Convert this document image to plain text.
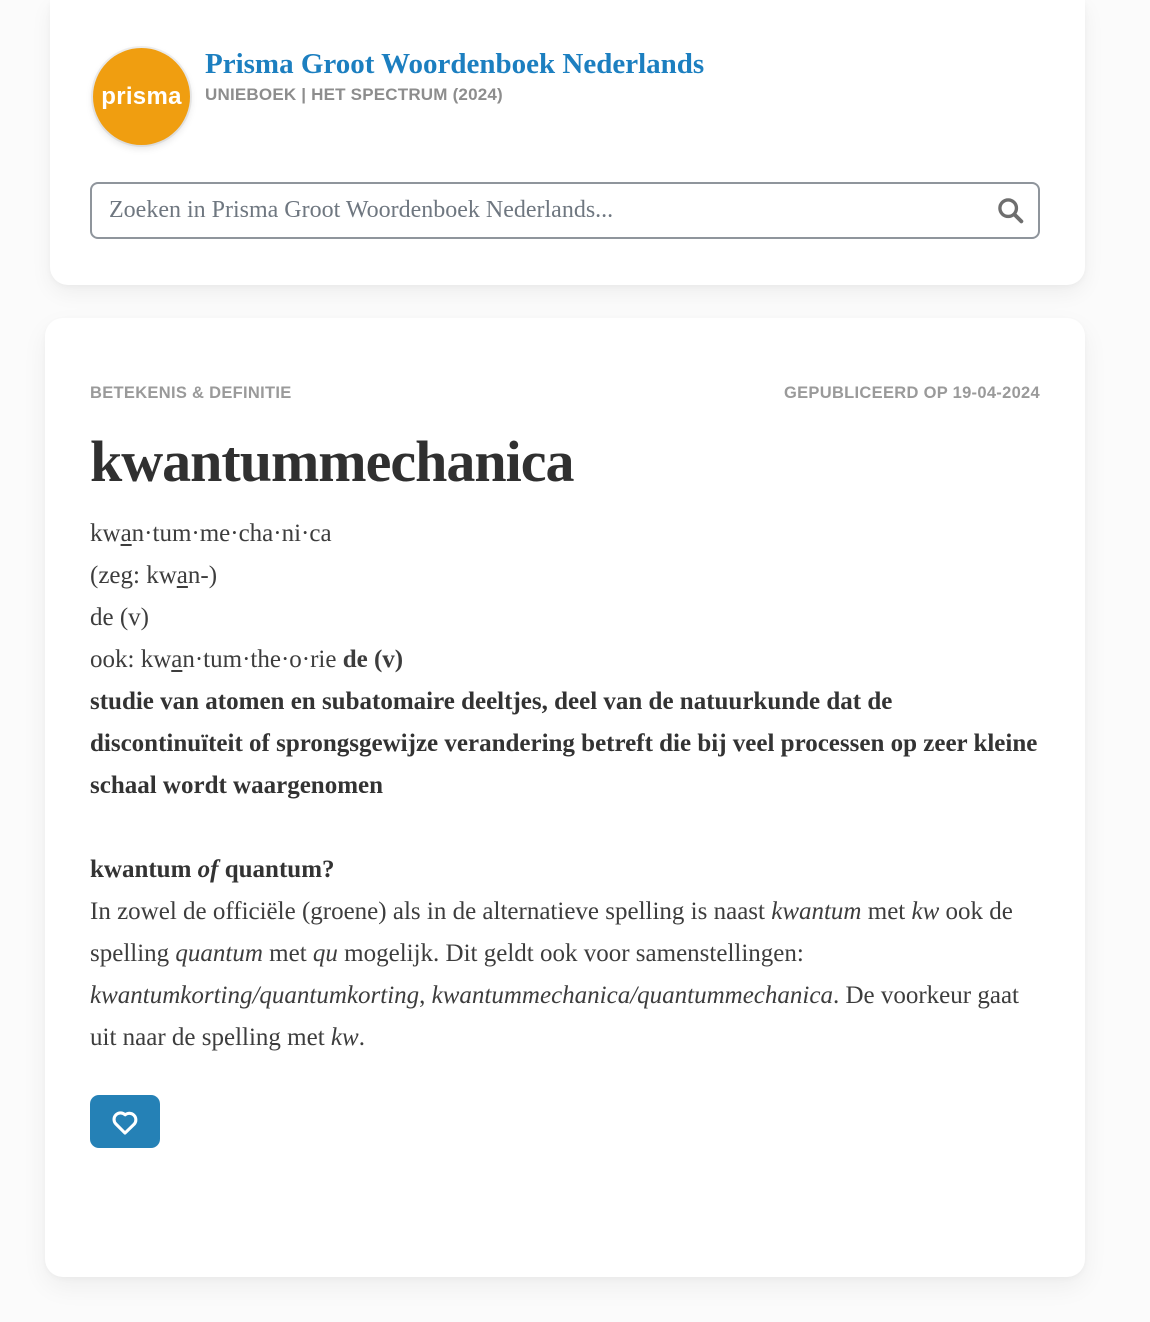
prisma
Prisma Groot Woordenboek Nederlands
UNIEBOEK | HET SPECTRUM (2024)
Zoeken in Prisma Groot Woordenboek Nederlands...
BETEKENIS & DEFINITIE	GEPUBLICEERD OP 19-04-2024
kwantummechanica
kwan·tum·me·cha·ni·ca
(zeg: kwan-)
de (v)
ook: kwan·tum·the·o·rie de (v)

studie van atomen en subatomaire deeltjes, deel van de natuurkunde dat de discontinuïteit of sprongsgewijze verandering betreft die bij veel processen op zeer kleine schaal wordt waargenomen

kwantum of quantum?

In zowel de officiële (groene) als in de alternatieve spelling is naast kwantum met kw ook de spelling quantum met qu mogelijk. Dit geldt ook voor samenstellingen: kwantumkorting/quantumkorting, kwantummechanica/quantummechanica. De voorkeur gaat uit naar de spelling met kw.
